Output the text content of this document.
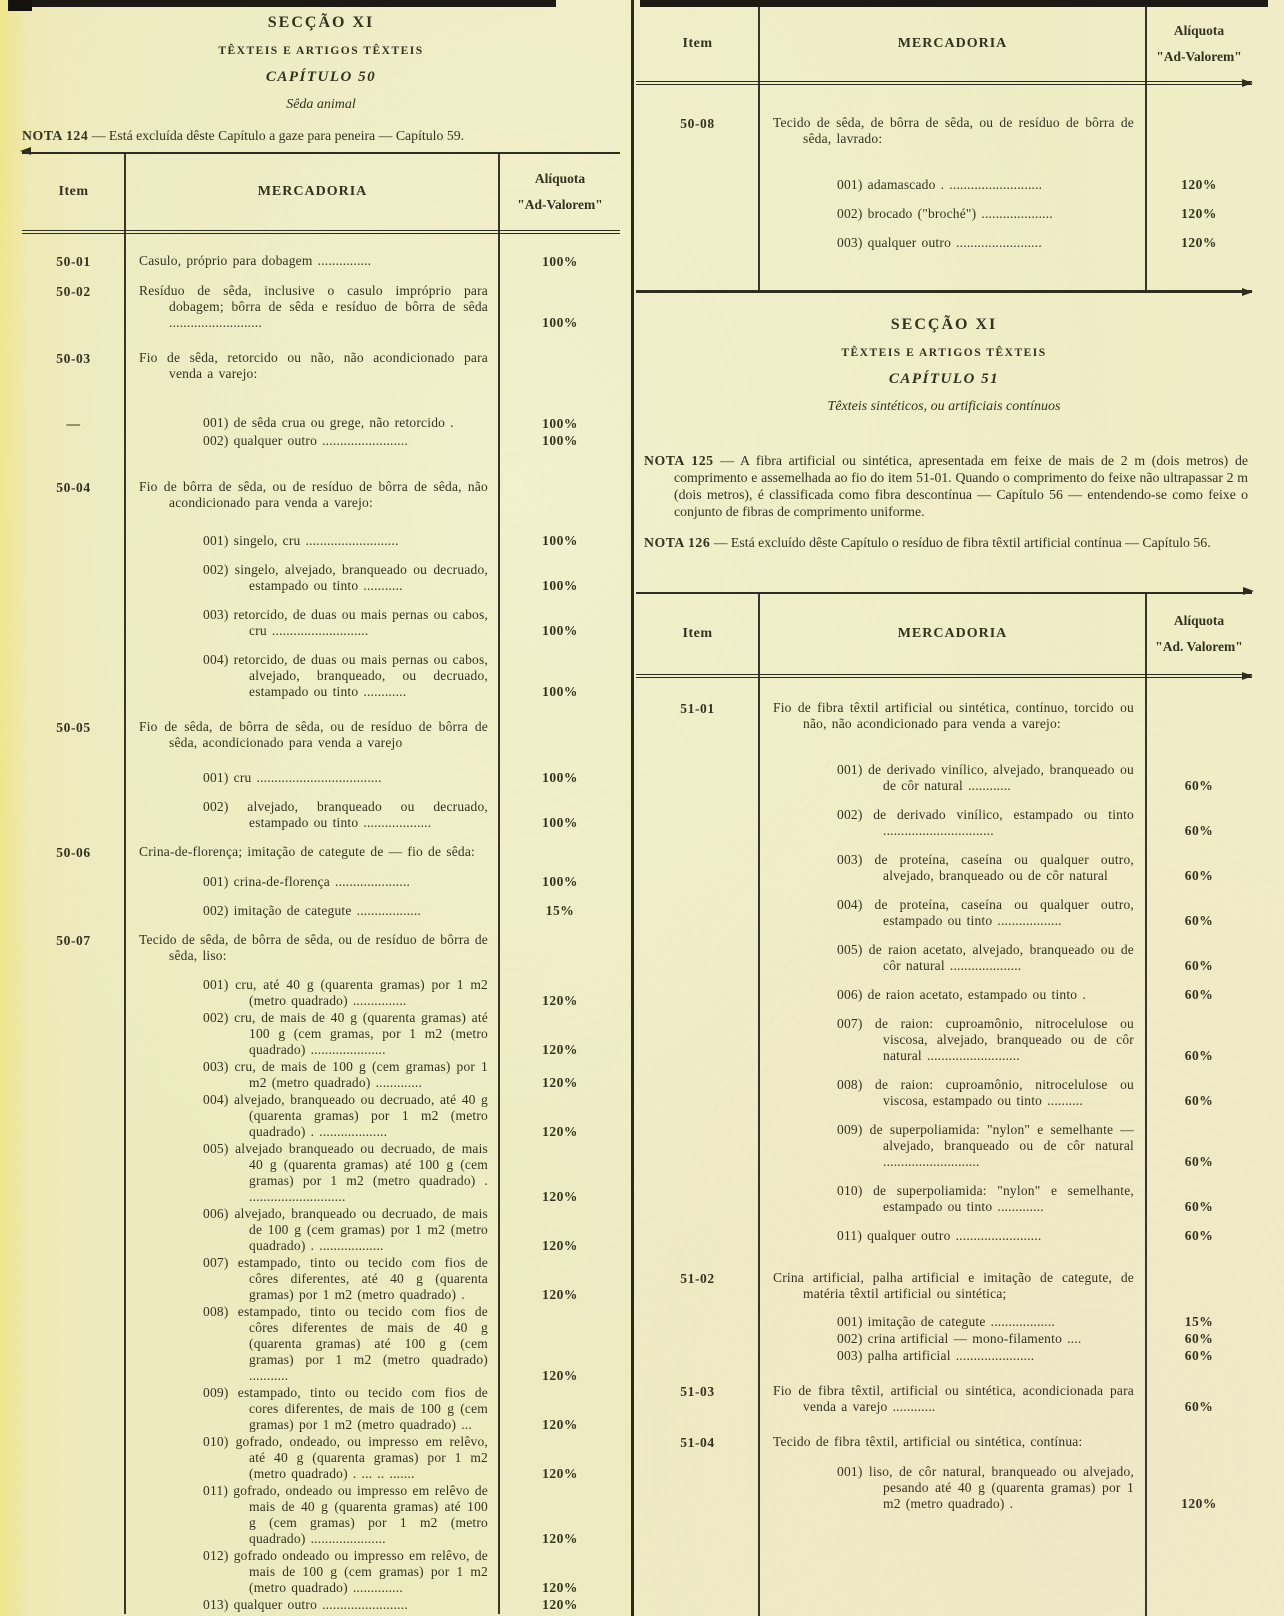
SECÇÃO XI
TÊXTEIS E ARTIGOS TÊXTEIS
CAPÍTULO 50
Sêda animal

NOTA 124 — Está excluída dêste Capítulo a gaze para peneira — Capítulo 59.

Item	MERCADORIA
Alíquota
"Ad-Valorem"
50-01	Casulo, próprio para dobagem ...............	100%
50-02	Resíduo de sêda, inclusive o casulo impróprio para dobagem; bôrra de sêda e resíduo de bôrra de sêda ..........................	100%
50-03	Fio de sêda, retorcido ou não, não acondicionado para venda a varejo:

—	001) de sêda crua ou grege, não retorcido .	100%

002) qualquer outro ........................	100%
50-04	Fio de bôrra de sêda, ou de resíduo de bôrra de sêda, não acondicionado para venda a varejo:

001) singelo, cru ..........................	100%

002) singelo, alvejado, branqueado ou decruado, estampado ou tinto ...........	100%

003) retorcido, de duas ou mais pernas ou cabos, cru ...........................	100%

004) retorcido, de duas ou mais pernas ou cabos, alvejado, branqueado, ou decruado, estampado ou tinto ............	100%
50-05	Fio de sêda, de bôrra de sêda, ou de resíduo de bôrra de sêda, acondicionado para venda a varejo

001) cru ...................................	100%

002) alvejado, branqueado ou decruado, estampado ou tinto ...................	100%
50-06	Crina-de-florença; imitação de categute de — fio de sêda:

001) crina-de-florença .....................	100%

002) imitação de categute ..................	15%
50-07	Tecido de sêda, de bôrra de sêda, ou de resíduo de bôrra de sêda, liso:

001) cru, até 40 g (quarenta gramas) por 1 m2 (metro quadrado) ...............	120%

002) cru, de mais de 40 g (quarenta gramas) até 100 g (cem gramas, por 1 m2 (metro quadrado) .....................	120%

003) cru, de mais de 100 g (cem gramas) por 1 m2 (metro quadrado) .............	120%

004) alvejado, branqueado ou decruado, até 40 g (quarenta gramas) por 1 m2 (metro quadrado) . ...................	120%

005) alvejado branqueado ou decruado, de mais 40 g (quarenta gramas) até 100 g (cem gramas) por 1 m2 (metro quadrado) . ...........................	120%

006) alvejado, branqueado ou decruado, de mais de 100 g (cem gramas) por 1 m2 (metro quadrado) . ..................	120%

007) estampado, tinto ou tecido com fios de côres diferentes, até 40 g (quarenta gramas) por 1 m2 (metro quadrado) .	120%

008) estampado, tinto ou tecido com fios de côres diferentes de mais de 40 g (quarenta gramas) até 100 g (cem gramas) por 1 m2 (metro quadrado) ...........	120%

009) estampado, tinto ou tecido com fios de cores diferentes, de mais de 100 g (cem gramas) por 1 m2 (metro quadrado) ...	120%

010) gofrado, ondeado, ou impresso em relêvo, até 40 g (quarenta gramas) por 1 m2 (metro quadrado) . ... .. .......	120%

011) gofrado, ondeado ou impresso em relêvo de mais de 40 g (quarenta gramas) até 100 g (cem gramas) por 1 m2 (metro quadrado) .....................	120%

012) gofrado ondeado ou impresso em relêvo, de mais de 100 g (cem gramas) por 1 m2 (metro quadrado) ..............	120%

013) qualquer outro ........................	120%
Item	MERCADORIA
Alíquota
"Ad-Valorem"
50-08	Tecido de sêda, de bôrra de sêda, ou de resíduo de bôrra de sêda, lavrado:

001) adamascado . ..........................	120%

002) brocado ("broché") ....................	120%

003) qualquer outro ........................	120%
SECÇÃO XI
TÊXTEIS E ARTIGOS TÊXTEIS
CAPÍTULO 51
Têxteis sintéticos, ou artificiais contínuos

NOTA 125 — A fibra artificial ou sintética, apresentada em feixe de mais de 2 m (dois metros) de comprimento e assemelhada ao fio do item 51-01. Quando o comprimento do feixe não ultrapassar 2 m (dois metros), é classificada como fibra descontínua — Capítulo 56 — entendendo-se como feixe o conjunto de fibras de comprimento uniforme.

NOTA 126 — Está excluído dêste Capítulo o resíduo de fibra têxtil artificial contínua — Capítulo 56.

Item	MERCADORIA
Alíquota
"Ad. Valorem"
51-01	Fio de fibra têxtil artificial ou sintética, contínuo, torcido ou não, não acondicionado para venda a varejo:

001) de derivado vinílico, alvejado, branqueado ou de côr natural ............	60%

002) de derivado vinílico, estampado ou tinto ...............................	60%

003) de proteína, caseína ou qualquer outro, alvejado, branqueado ou de côr natural	60%

004) de proteína, caseína ou qualquer outro, estampado ou tinto ..................	60%

005) de raion acetato, alvejado, branqueado ou de côr natural ....................	60%

006) de raion acetato, estampado ou tinto .	60%

007) de raion: cuproamônio, nitrocelulose ou viscosa, alvejado, branqueado ou de côr natural ..........................	60%

008) de raion: cuproamônio, nitrocelulose ou viscosa, estampado ou tinto ..........	60%

009) de superpoliamida: "nylon" e semelhante — alvejado, branqueado ou de côr natural ...........................	60%

010) de superpoliamida: "nylon" e semelhante, estampado ou tinto .............	60%

011) qualquer outro ........................	60%
51-02	Crina artificial, palha artificial e imitação de categute, de matéria têxtil artificial ou sintética;

001) imitação de categute ..................	15%

002) crina artificial — mono-filamento ....	60%

003) palha artificial ......................	60%
51-03	Fio de fibra têxtil, artificial ou sintética, acondicionada para venda a varejo ............	60%
51-04	Tecido de fibra têxtil, artificial ou sintética, contínua:

001) liso, de côr natural, branqueado ou alvejado, pesando até 40 g (quarenta gramas) por 1 m2 (metro quadrado) .	120%
